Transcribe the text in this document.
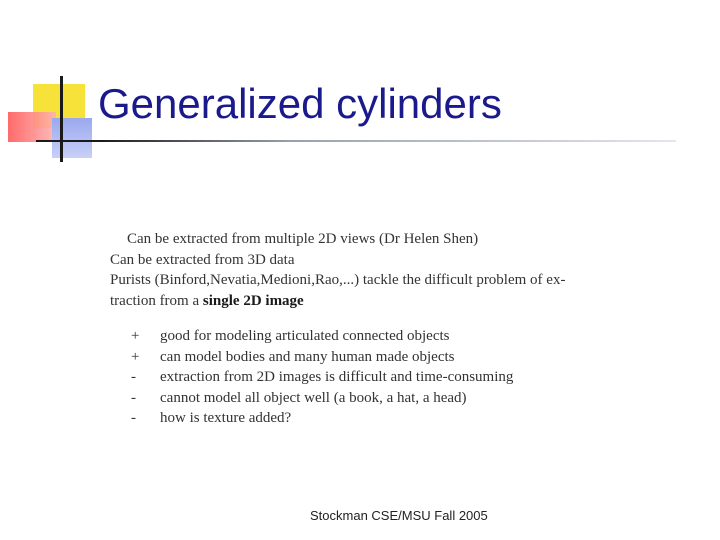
Generalized cylinders
Can be extracted from multiple 2D views (Dr Helen Shen)
Can be extracted from 3D data
Purists (Binford,Nevatia,Medioni,Rao,...) tackle the difficult problem of ex-
traction from a single 2D image
+	good for modeling articulated connected objects
+	can model bodies and many human made objects
-	extraction from 2D images is difficult and time-consuming
-	cannot model all object well (a book, a hat, a head)
-	how is texture added?
Stockman CSE/MSU Fall 2005
